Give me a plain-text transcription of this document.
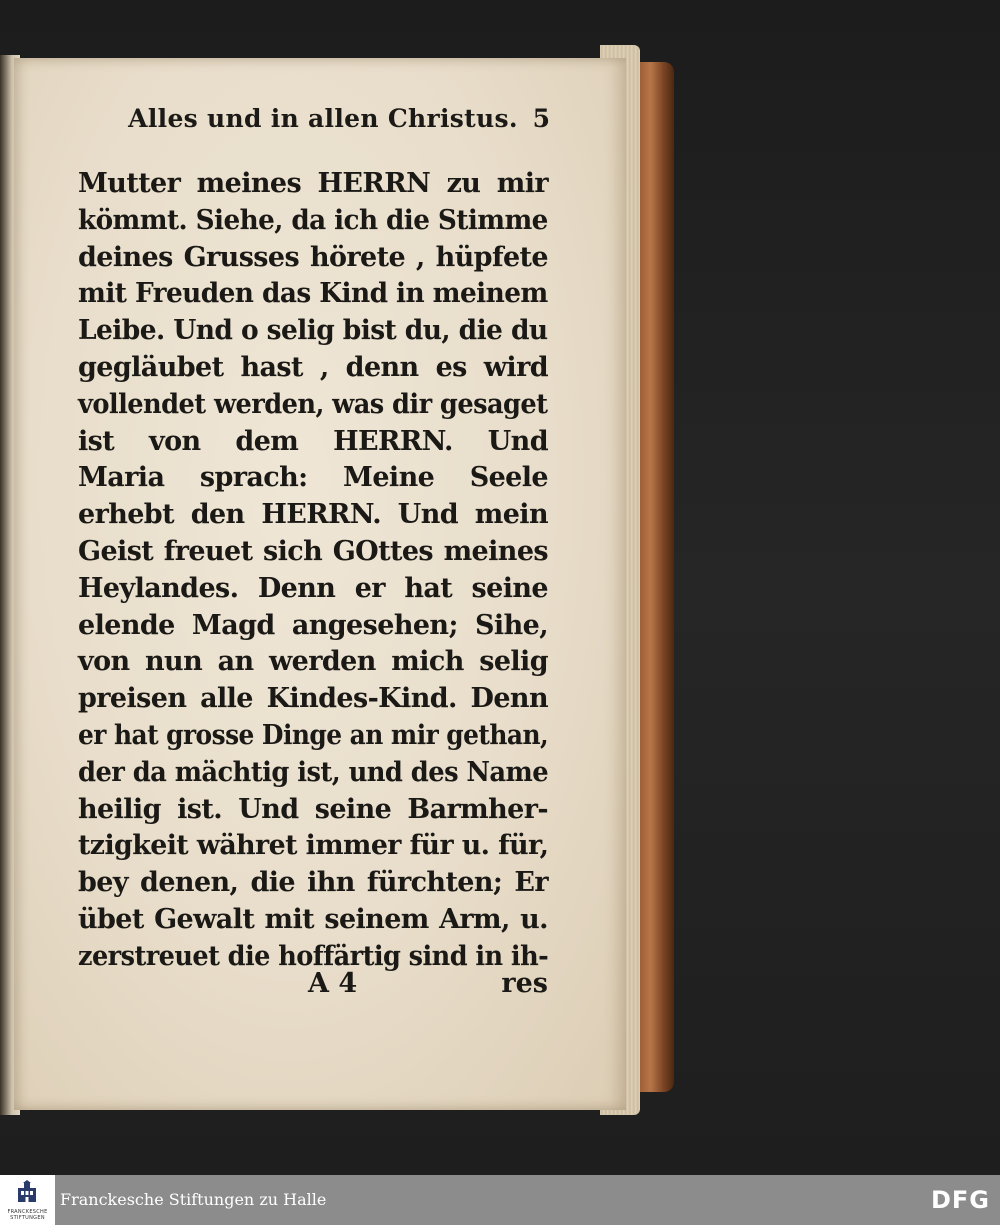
Alles und in allen Christus. 5
Mutter meines HERRN zu mir
kömmt. Siehe, da ich die Stimme
deines Grusses hörete , hüpfete
mit Freuden das Kind in meinem
Leibe. Und o selig bist du, die du
gegläubet hast , denn es wird
vollendet werden, was dir gesaget
ist von dem HERRN. Und
Maria sprach: Meine Seele
erhebt den HERRN. Und mein
Geist freuet sich GOttes meines
Heylandes. Denn er hat seine
elende Magd angesehen; Sihe,
von nun an werden mich selig
preisen alle Kindes-Kind. Denn
er hat grosse Dinge an mir gethan,
der da mächtig ist, und des Name
heilig ist. Und seine Barmher-
tzigkeit währet immer für u. für,
bey denen, die ihn fürchten; Er
übet Gewalt mit seinem Arm, u.
zerstreuet die hoffärtig sind in ih-
A 4	res
FRANCKESCHE STIFTUNGEN
Franckesche Stiftungen zu Halle	DFG
